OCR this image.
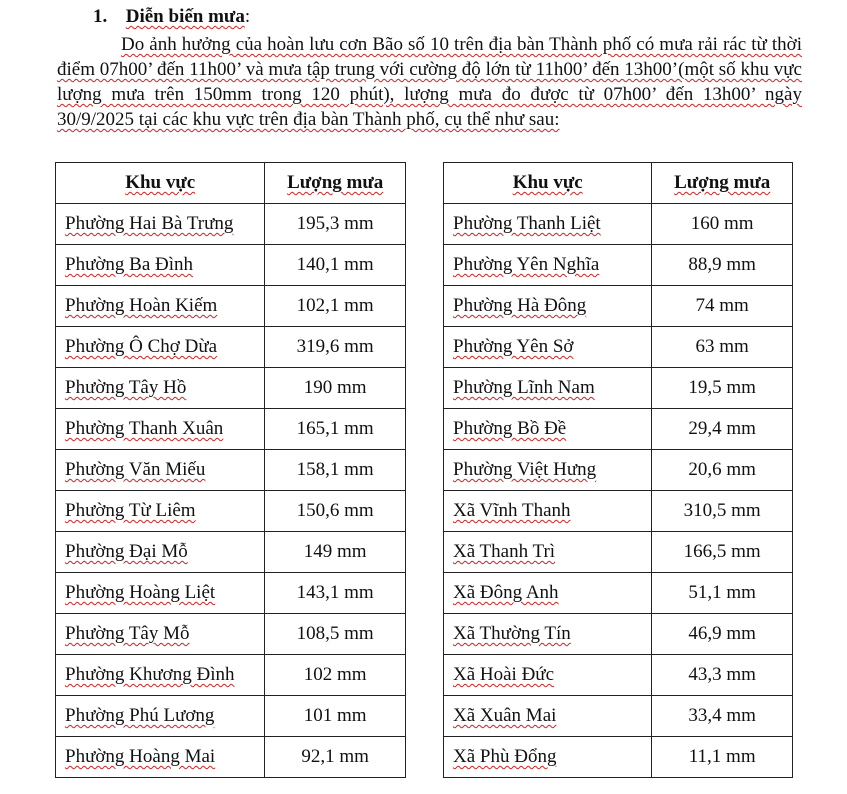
1. Diễn biến mưa:
Do ảnh hưởng của hoàn lưu cơn Bão số 10 trên địa bàn Thành phố có mưa rải rác từ thời điểm 07h00’ đến 11h00’ và mưa tập trung với cường độ lớn từ 11h00’ đến 13h00’(một số khu vực lượng mưa trên 150mm trong 120 phút), lượng mưa đo được từ 07h00’ đến 13h00’ ngày 30/9/2025 tại các khu vực trên địa bàn Thành phố, cụ thể như sau:
Khu vực	Lượng mưa
Phường Hai Bà Trưng	195,3 mm
Phường Ba Đình	140,1 mm
Phường Hoàn Kiếm	102,1 mm
Phường Ô Chợ Dừa	319,6 mm
Phường Tây Hồ	190 mm
Phường Thanh Xuân	165,1 mm
Phường Văn Miếu	158,1 mm
Phường Từ Liêm	150,6 mm
Phường Đại Mỗ	149 mm
Phường Hoàng Liệt	143,1 mm
Phường Tây Mỗ	108,5 mm
Phường Khương Đình	102 mm
Phường Phú Lương	101 mm
Phường Hoàng Mai	92,1 mm
Khu vực	Lượng mưa
Phường Thanh Liệt	160 mm
Phường Yên Nghĩa	88,9 mm
Phường Hà Đông	74 mm
Phường Yên Sở	63 mm
Phường Lĩnh Nam	19,5 mm
Phường Bồ Đề	29,4 mm
Phường Việt Hưng	20,6 mm
Xã Vĩnh Thanh	310,5 mm
Xã Thanh Trì	166,5 mm
Xã Đông Anh	51,1 mm
Xã Thường Tín	46,9 mm
Xã Hoài Đức	43,3 mm
Xã Xuân Mai	33,4 mm
Xã Phù Đổng	11,1 mm
